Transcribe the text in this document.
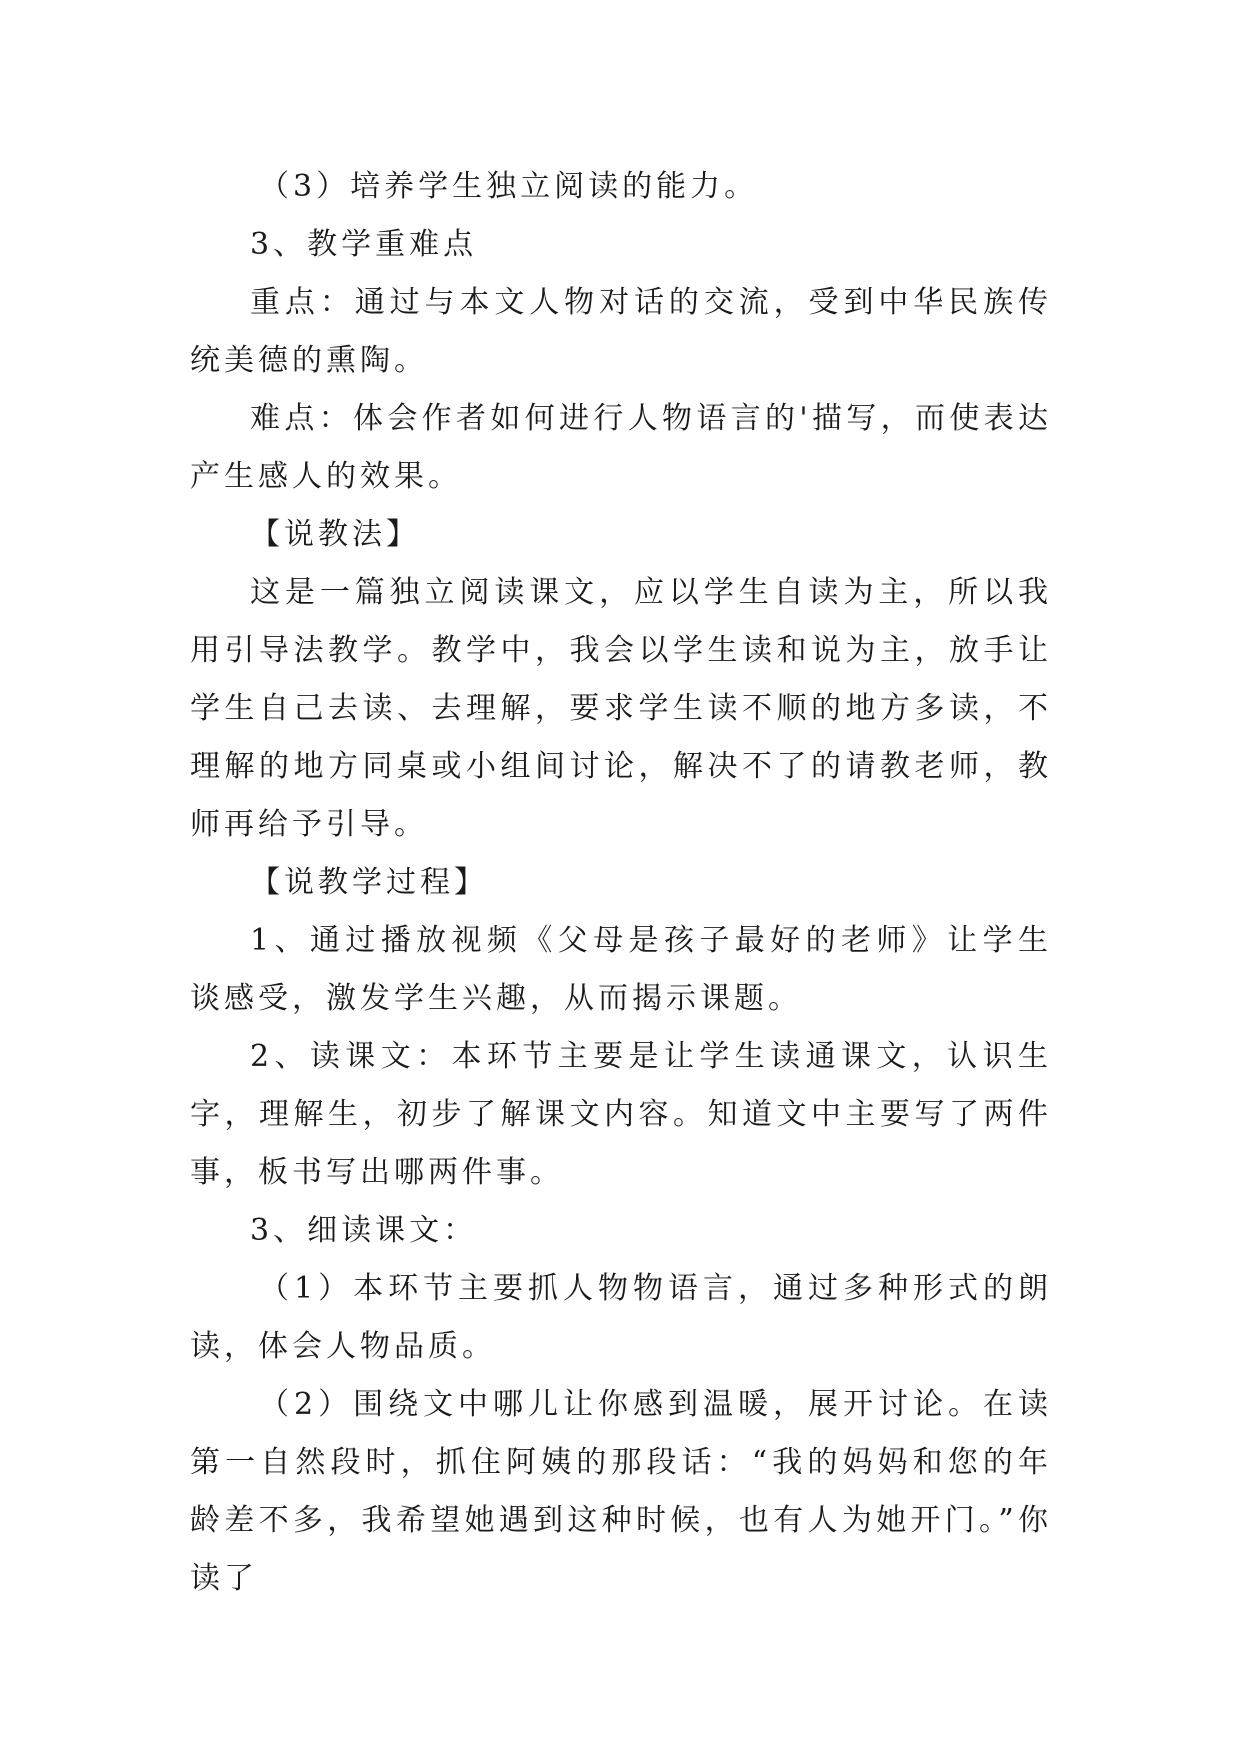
（3）培养学生独立阅读的能力。

3、教学重难点

重点：通过与本文人物对话的交流，受到中华民族传统美德的熏陶。

难点：体会作者如何进行人物语言的'描写，而使表达产生感人的效果。

【说教法】

这是一篇独立阅读课文，应以学生自读为主，所以我用引导法教学。教学中，我会以学生读和说为主，放手让学生自己去读、去理解，要求学生读不顺的地方多读，不理解的地方同桌或小组间讨论，解决不了的请教老师，教师再给予引导。

【说教学过程】

1、通过播放视频《父母是孩子最好的老师》让学生谈感受，激发学生兴趣，从而揭示课题。

2、读课文：本环节主要是让学生读通课文，认识生字，理解生，初步了解课文内容。知道文中主要写了两件事，板书写出哪两件事。

3、细读课文：

（1）本环节主要抓人物物语言，通过多种形式的朗读，体会人物品质。

（2）围绕文中哪儿让你感到温暖，展开讨论。在读第一自然段时，抓住阿姨的那段话：“我的妈妈和您的年龄差不多，我希望她遇到这种时候，也有人为她开门。”你读了
